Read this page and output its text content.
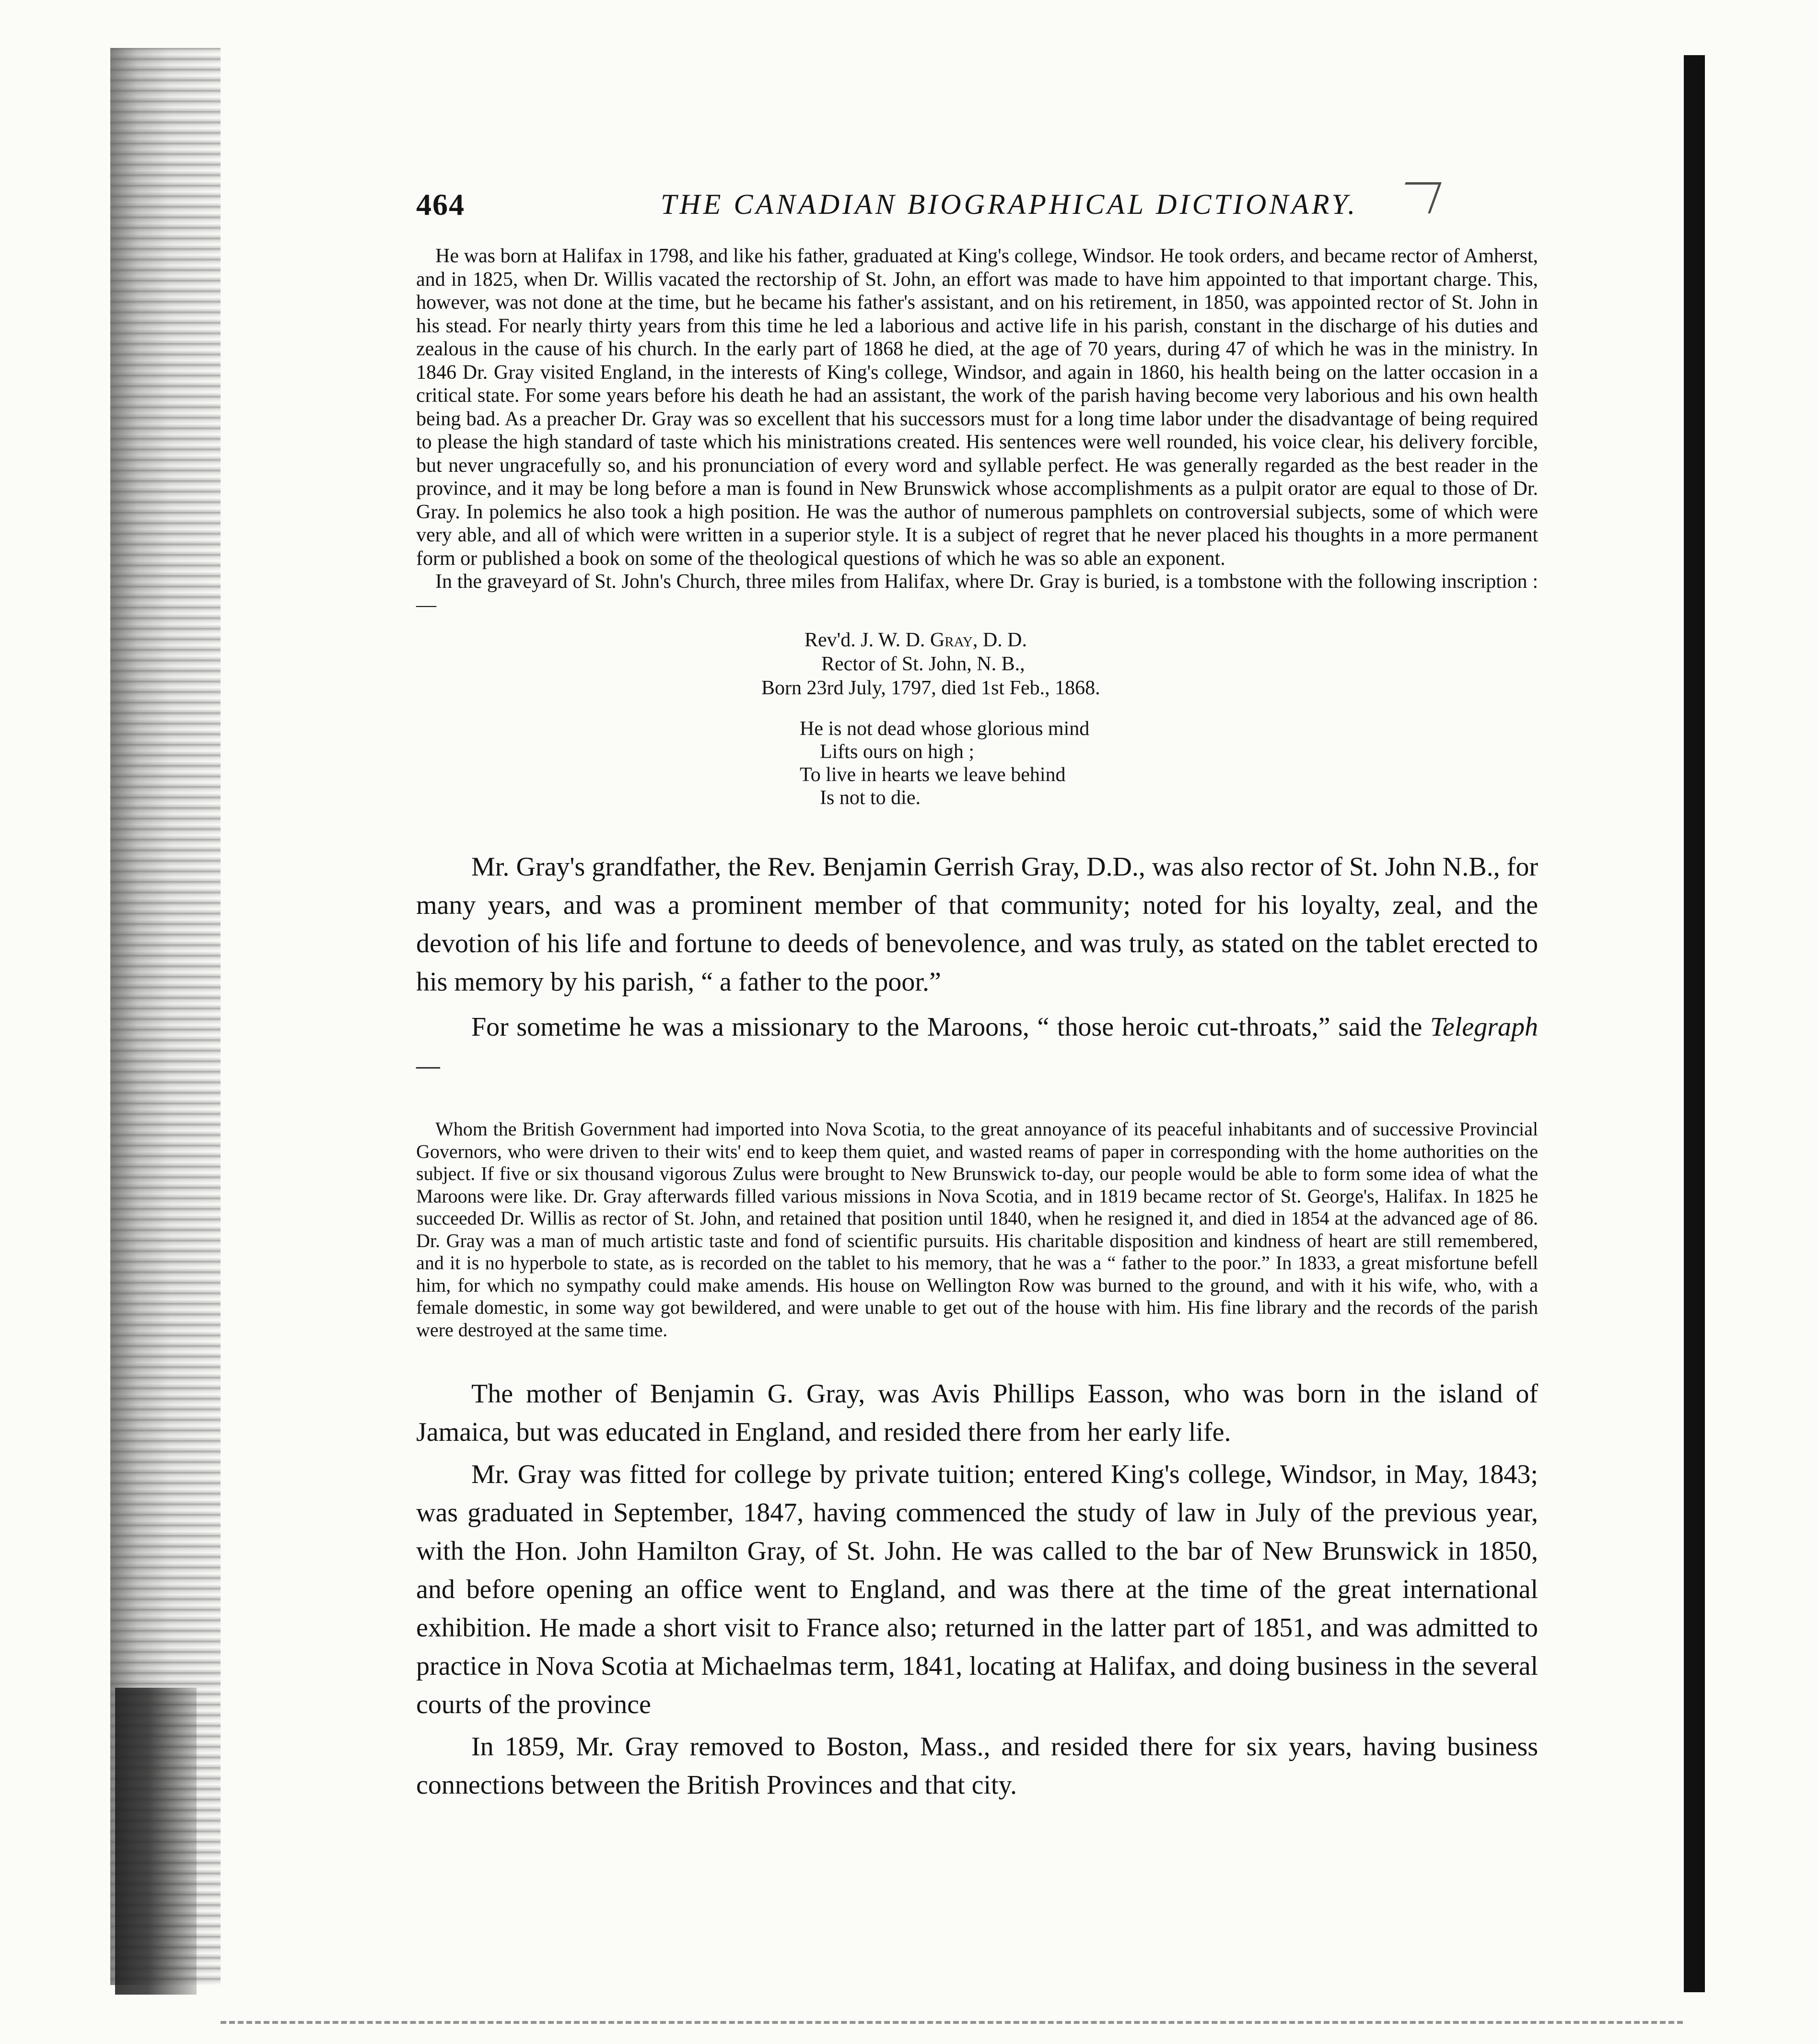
464	THE CANADIAN BIOGRAPHICAL DICTIONARY.

He was born at Halifax in 1798, and like his father, graduated at King's college, Windsor. He took orders, and became rector of Amherst, and in 1825, when Dr. Willis vacated the rectorship of St. John, an effort was made to have him appointed to that important charge. This, however, was not done at the time, but he became his father's assistant, and on his retirement, in 1850, was appointed rector of St. John in his stead. For nearly thirty years from this time he led a laborious and active life in his parish, constant in the discharge of his duties and zealous in the cause of his church. In the early part of 1868 he died, at the age of 70 years, during 47 of which he was in the ministry. In 1846 Dr. Gray visited England, in the interests of King's college, Windsor, and again in 1860, his health being on the latter occasion in a critical state. For some years before his death he had an assistant, the work of the parish having become very laborious and his own health being bad. As a preacher Dr. Gray was so excellent that his successors must for a long time labor under the disadvantage of being required to please the high standard of taste which his ministrations created. His sentences were well rounded, his voice clear, his delivery forcible, but never ungracefully so, and his pronunciation of every word and syllable perfect. He was generally regarded as the best reader in the province, and it may be long before a man is found in New Brunswick whose accomplishments as a pulpit orator are equal to those of Dr. Gray. In polemics he also took a high position. He was the author of numerous pamphlets on controversial subjects, some of which were very able, and all of which were written in a superior style. It is a subject of regret that he never placed his thoughts in a more permanent form or published a book on some of the theological questions of which he was so able an exponent.

In the graveyard of St. John's Church, three miles from Halifax, where Dr. Gray is buried, is a tombstone with the following inscription :—

Rev'd. J. W. D. Gray, D. D.
Rector of St. John, N. B.,
Born 23rd July, 1797, died 1st Feb., 1868.
He is not dead whose glorious mind
Lifts ours on high ;
To live in hearts we leave behind
Is not to die.

Mr. Gray's grandfather, the Rev. Benjamin Gerrish Gray, D.D., was also rector of St. John N.B., for many years, and was a prominent member of that community; noted for his loyalty, zeal, and the devotion of his life and fortune to deeds of benevolence, and was truly, as stated on the tablet erected to his memory by his parish, “ a father to the poor.”

For sometime he was a missionary to the Maroons, “ those heroic cut-throats,” said the Telegraph—

Whom the British Government had imported into Nova Scotia, to the great annoyance of its peaceful inhabitants and of successive Provincial Governors, who were driven to their wits' end to keep them quiet, and wasted reams of paper in corresponding with the home authorities on the subject. If five or six thousand vigorous Zulus were brought to New Brunswick to-day, our people would be able to form some idea of what the Maroons were like. Dr. Gray afterwards filled various missions in Nova Scotia, and in 1819 became rector of St. George's, Halifax. In 1825 he succeeded Dr. Willis as rector of St. John, and retained that position until 1840, when he resigned it, and died in 1854 at the advanced age of 86. Dr. Gray was a man of much artistic taste and fond of scientific pursuits. His charitable disposition and kindness of heart are still remembered, and it is no hyperbole to state, as is recorded on the tablet to his memory, that he was a “ father to the poor.” In 1833, a great misfortune befell him, for which no sympathy could make amends. His house on Wellington Row was burned to the ground, and with it his wife, who, with a female domestic, in some way got bewildered, and were unable to get out of the house with him. His fine library and the records of the parish were destroyed at the same time.

The mother of Benjamin G. Gray, was Avis Phillips Easson, who was born in the island of Jamaica, but was educated in England, and resided there from her early life.

Mr. Gray was fitted for college by private tuition; entered King's college, Windsor, in May, 1843; was graduated in September, 1847, having commenced the study of law in July of the previous year, with the Hon. John Hamilton Gray, of St. John. He was called to the bar of New Brunswick in 1850, and before opening an office went to England, and was there at the time of the great international exhibition. He made a short visit to France also; returned in the latter part of 1851, and was admitted to practice in Nova Scotia at Michaelmas term, 1841, locating at Halifax, and doing business in the several courts of the province

In 1859, Mr. Gray removed to Boston, Mass., and resided there for six years, having business connections between the British Provinces and that city.
